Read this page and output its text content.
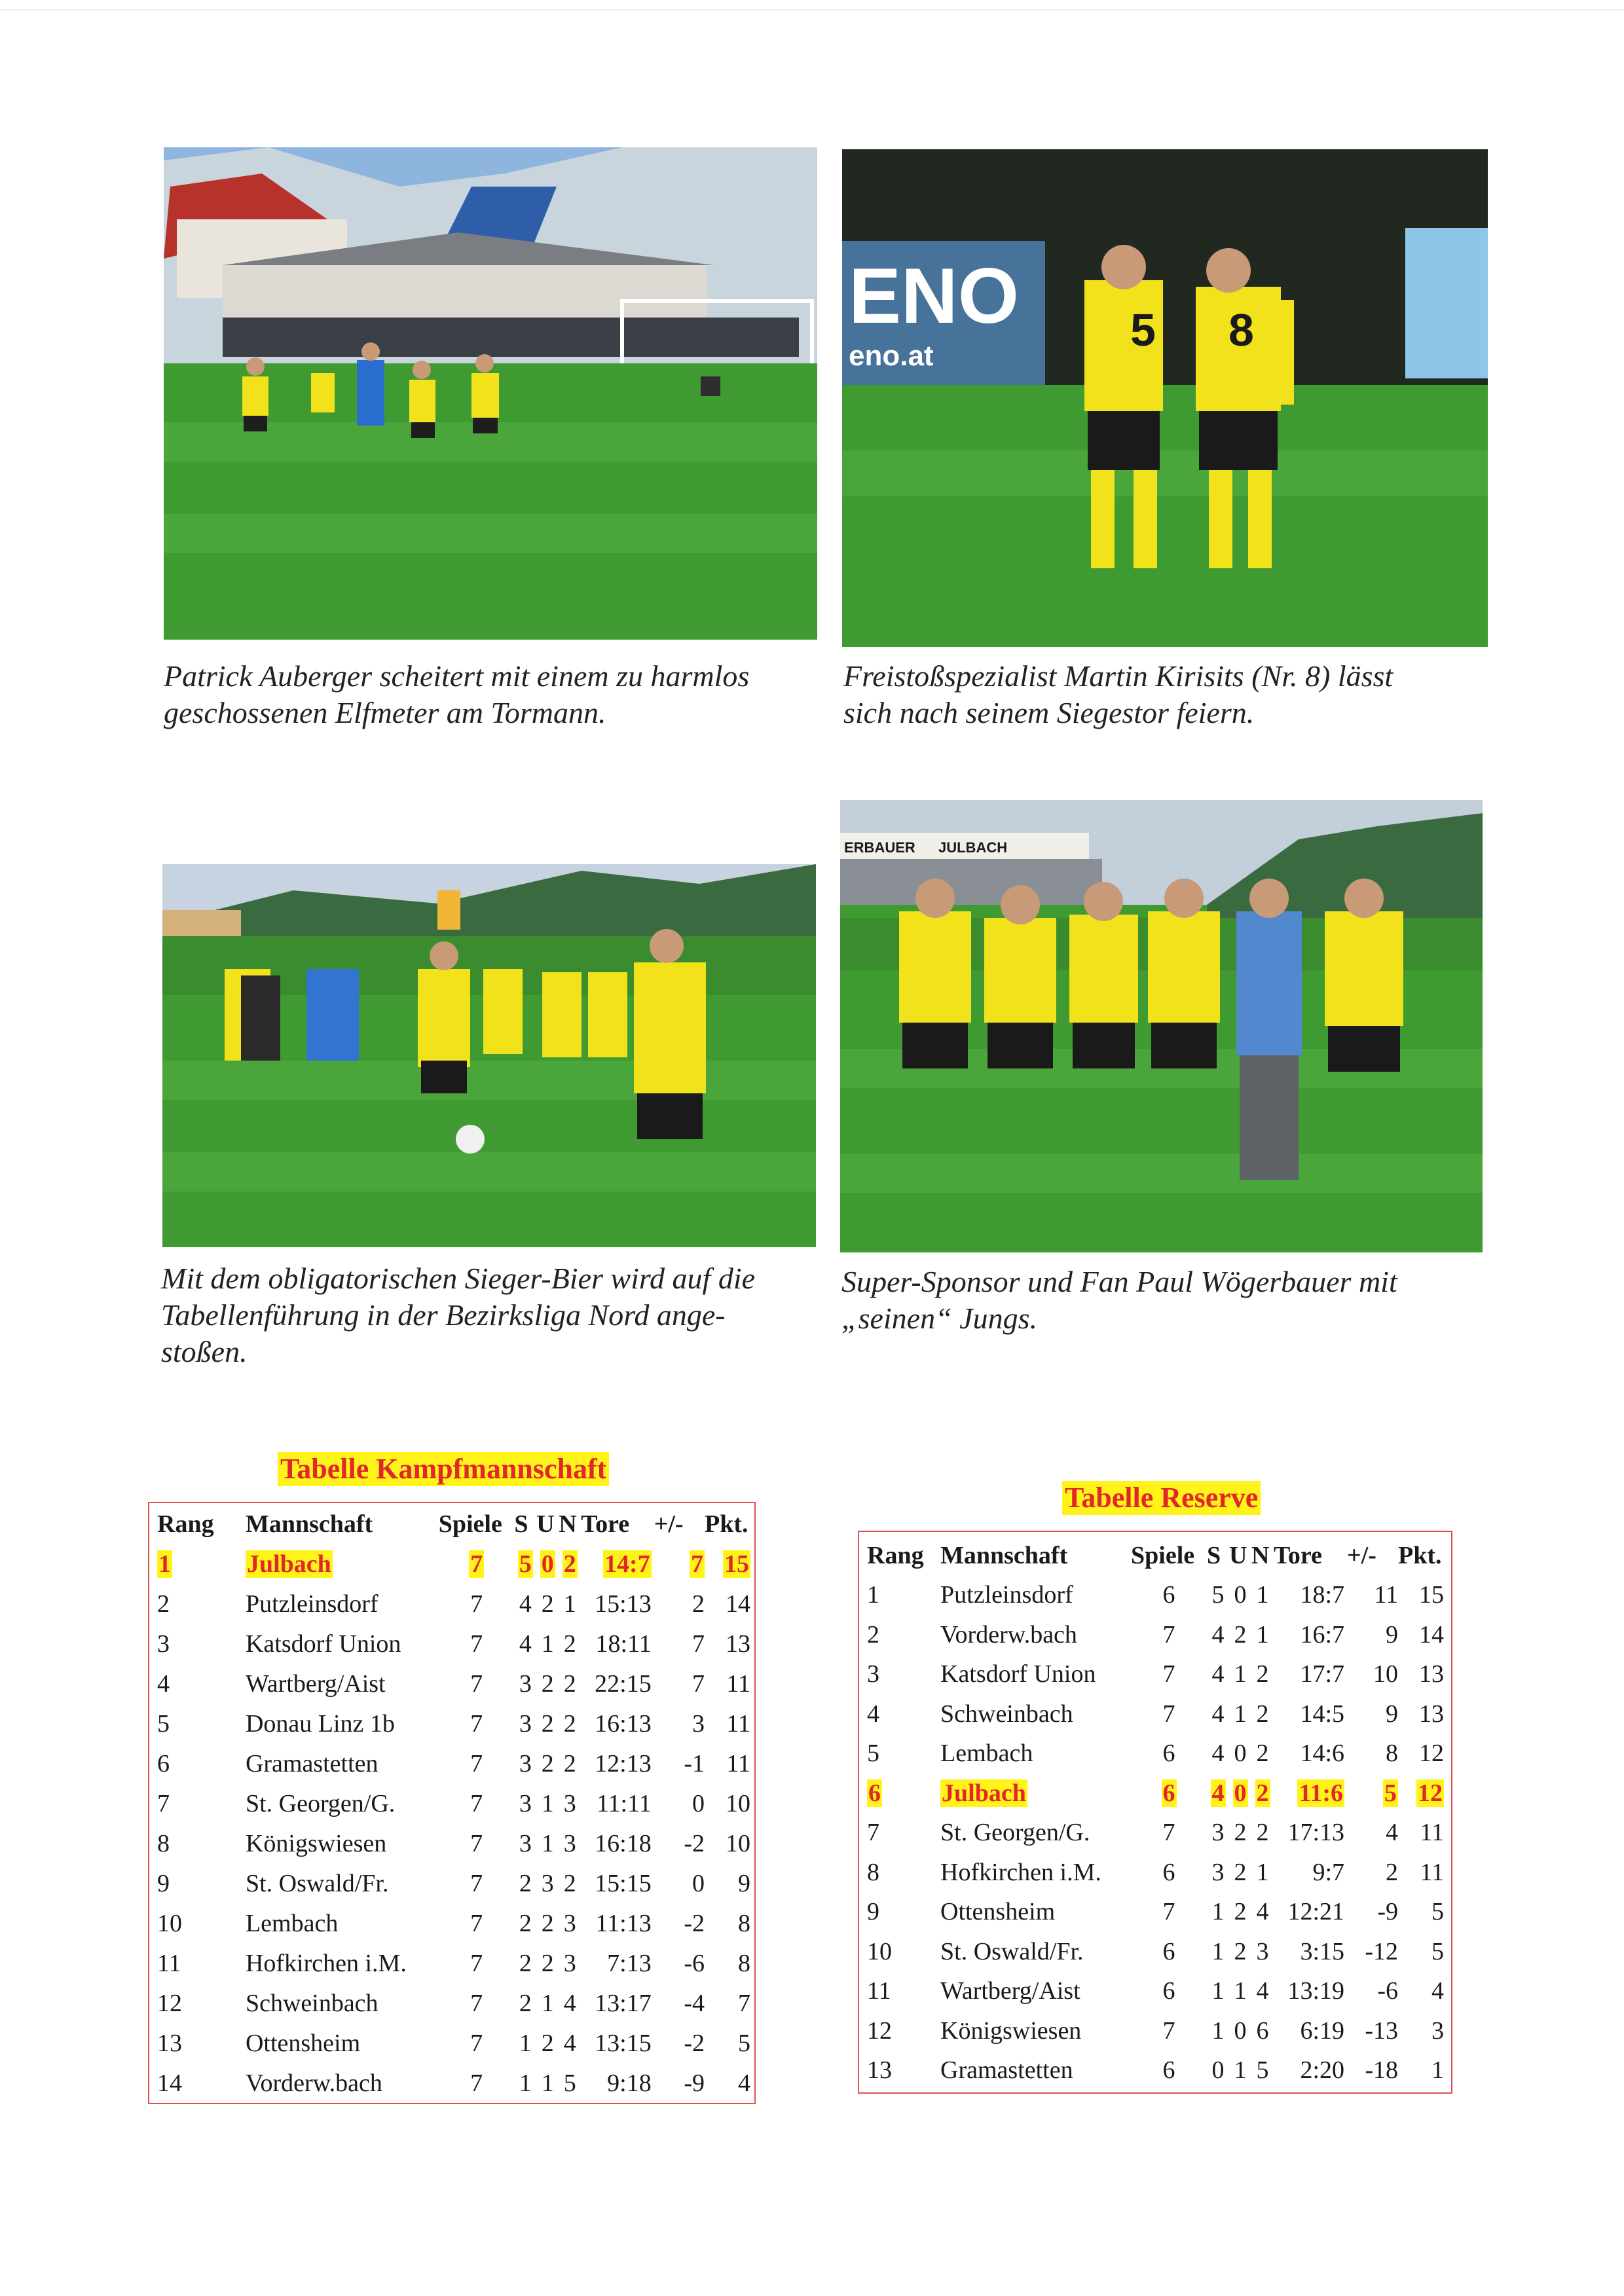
ENO
eno.at
5 8
ERBAUER JULBACH

Patrick Auberger scheitert mit einem zu harmlos
geschossenen Elfmeter am Tormann.

Freistoßspezialist Martin Kirisits (Nr. 8) lässt
sich nach seinem Siegestor feiern.

Mit dem obligatorischen Sieger-Bier wird auf die
Tabellenführung in der Bezirksliga Nord ange-
stoßen.

Super-Sponsor und Fan Paul Wögerbauer mit
„seinen“ Jungs.

Tabelle Kampfmannschaft
Tabelle Reserve
Rang	Mannschaft	Spiele	S	U	N	Tore	+/-	Pkt.
1	Julbach	7	5	0	2	14:7	7	15
2	Putzleinsdorf	7	4	2	1	15:13	2	14
3	Katsdorf Union	7	4	1	2	18:11	7	13
4	Wartberg/Aist	7	3	2	2	22:15	7	11
5	Donau Linz 1b	7	3	2	2	16:13	3	11
6	Gramastetten	7	3	2	2	12:13	-1	11
7	St. Georgen/G.	7	3	1	3	11:11	0	10
8	Königswiesen	7	3	1	3	16:18	-2	10
9	St. Oswald/Fr.	7	2	3	2	15:15	0	9
10	Lembach	7	2	2	3	11:13	-2	8
11	Hofkirchen i.M.	7	2	2	3	7:13	-6	8
12	Schweinbach	7	2	1	4	13:17	-4	7
13	Ottensheim	7	1	2	4	13:15	-2	5
14	Vorderw.bach	7	1	1	5	9:18	-9	4
Rang	Mannschaft	Spiele	S	U	N	Tore	+/-	Pkt.
1	Putzleinsdorf	6	5	0	1	18:7	11	15
2	Vorderw.bach	7	4	2	1	16:7	9	14
3	Katsdorf Union	7	4	1	2	17:7	10	13
4	Schweinbach	7	4	1	2	14:5	9	13
5	Lembach	6	4	0	2	14:6	8	12
6	Julbach	6	4	0	2	11:6	5	12
7	St. Georgen/G.	7	3	2	2	17:13	4	11
8	Hofkirchen i.M.	6	3	2	1	9:7	2	11
9	Ottensheim	7	1	2	4	12:21	-9	5
10	St. Oswald/Fr.	6	1	2	3	3:15	-12	5
11	Wartberg/Aist	6	1	1	4	13:19	-6	4
12	Königswiesen	7	1	0	6	6:19	-13	3
13	Gramastetten	6	0	1	5	2:20	-18	1
